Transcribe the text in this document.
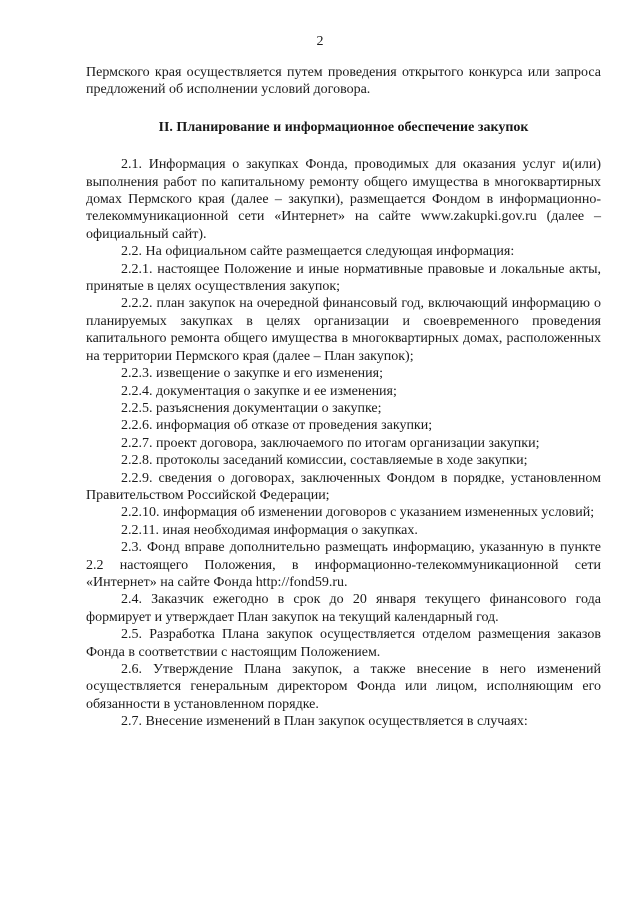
2

Пермского края осуществляется путем проведения открытого конкурса или запроса предложений об исполнении условий договора.

II. Планирование и информационное обеспечение закупок

2.1. Информация о закупках Фонда, проводимых для оказания услуг и(или) выполнения работ по капитальному ремонту общего имущества в многоквартирных домах Пермского края (далее – закупки), размещается Фондом в информационно-телекоммуникационной сети «Интернет» на сайте www.zakupki.gov.ru (далее – официальный сайт).

2.2. На официальном сайте размещается следующая информация:

2.2.1. настоящее Положение и иные нормативные правовые и локальные акты, принятые в целях осуществления закупок;

2.2.2. план закупок на очередной финансовый год, включающий информацию о планируемых закупках в целях организации и своевременного проведения капитального ремонта общего имущества в многоквартирных домах, расположенных на территории Пермского края (далее – План закупок);

2.2.3. извещение о закупке и его изменения;

2.2.4. документация о закупке и ее изменения;

2.2.5. разъяснения документации о закупке;

2.2.6. информация об отказе от проведения закупки;

2.2.7. проект договора, заключаемого по итогам организации закупки;

2.2.8. протоколы заседаний комиссии, составляемые в ходе закупки;

2.2.9. сведения о договорах, заключенных Фондом в порядке, установленном Правительством Российской Федерации;

2.2.10. информация об изменении договоров с указанием измененных условий;

2.2.11. иная необходимая информация о закупках.

2.3. Фонд вправе дополнительно размещать информацию, указанную в пункте 2.2 настоящего Положения, в информационно-телекоммуникационной сети «Интернет» на сайте Фонда http://fond59.ru.

2.4. Заказчик ежегодно в срок до 20 января текущего финансового года формирует и утверждает План закупок на текущий календарный год.

2.5. Разработка Плана закупок осуществляется отделом размещения заказов Фонда в соответствии с настоящим Положением.

2.6. Утверждение Плана закупок, а также внесение в него изменений осуществляется генеральным директором Фонда или лицом, исполняющим его обязанности в установленном порядке.

2.7. Внесение изменений в План закупок осуществляется в случаях:
